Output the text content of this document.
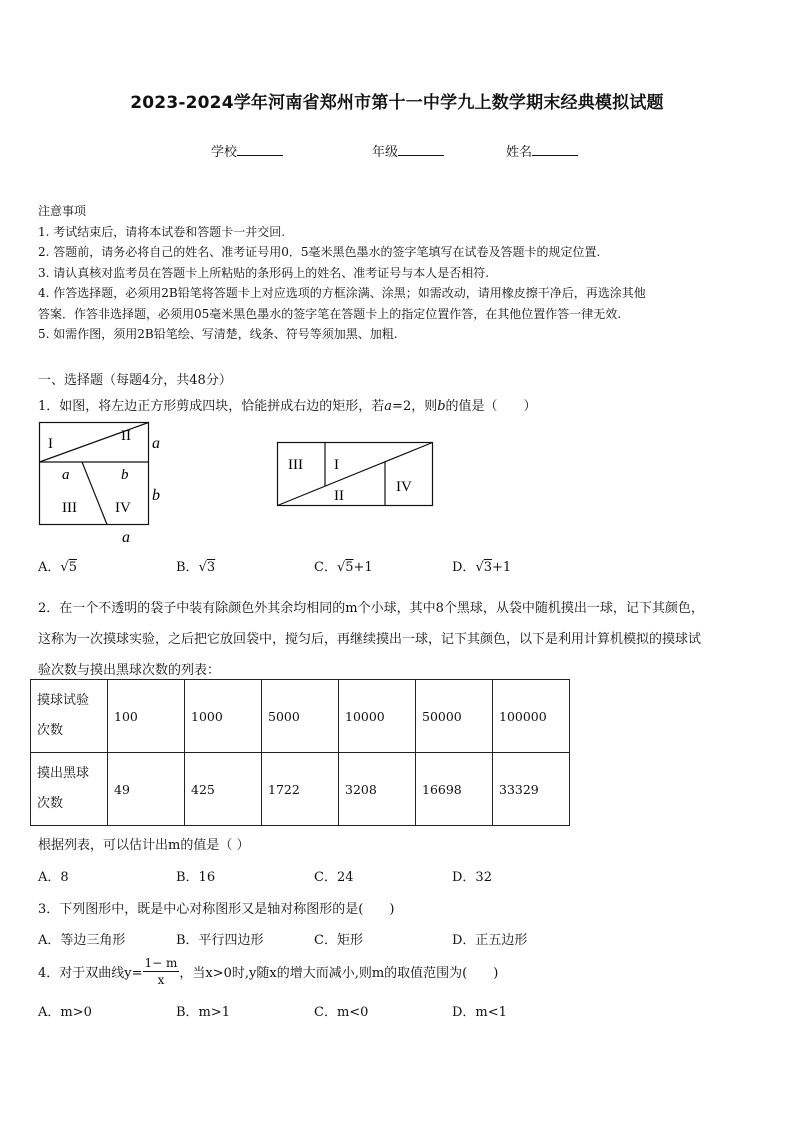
2023-2024学年河南省郑州市第十一中学九上数学期末经典模拟试题
学校	年级	姓名
注意事项
1. 考试结束后，请将本试卷和答题卡一并交回.
2. 答题前，请务必将自己的姓名、准考证号用0．5毫米黑色墨水的签字笔填写在试卷及答题卡的规定位置.
3. 请认真核对监考员在答题卡上所粘贴的条形码上的姓名、准考证号与本人是否相符.
4. 作答选择题，必须用2B铅笔将答题卡上对应选项的方框涂满、涂黑；如需改动，请用橡皮擦干净后，再选涂其他
答案．作答非选择题，必须用05毫米黑色墨水的签字笔在答题卡上的指定位置作答，在其他位置作答一律无效.
5. 如需作图，须用2B铅笔绘、写清楚，线条、符号等须加黑、加粗.
一、选择题（每题4分，共48分）
1．如图，将左边正方形剪成四块，恰能拼成右边的矩形，若a=2，则b的值是（　　）
I	II
III	IV
a	b
a
b
a
III I
II
IV
A．√5	B．√3	C．√5+1	D．√3+1
2．在一个不透明的袋子中装有除颜色外其余均相同的m个小球，其中8个黑球，从袋中随机摸出一球，记下其颜色，
这称为一次摸球实验，之后把它放回袋中，搅匀后，再继续摸出一球，记下其颜色，以下是利用计算机模拟的摸球试
验次数与摸出黑球次数的列表：
摸球试验
次数	100	1000	5000	10000	50000	100000

摸出黑球
次数	49	425	1722	3208	16698	33329
根据列表，可以估计出m的值是（ ）
A．8	B．16	C．24	D．32
3．下列图形中，既是中心对称图形又是轴对称图形的是(　　)
A．等边三角形	B．平行四边形	C．矩形	D．正五边形
4．对于双曲线$y= \frac{1- m}{x}$ ，当x>0时,y随x的增大而减小,则m的取值范围为(　　)
A．m>0	B．m>1	C．m<0	D．m<1
